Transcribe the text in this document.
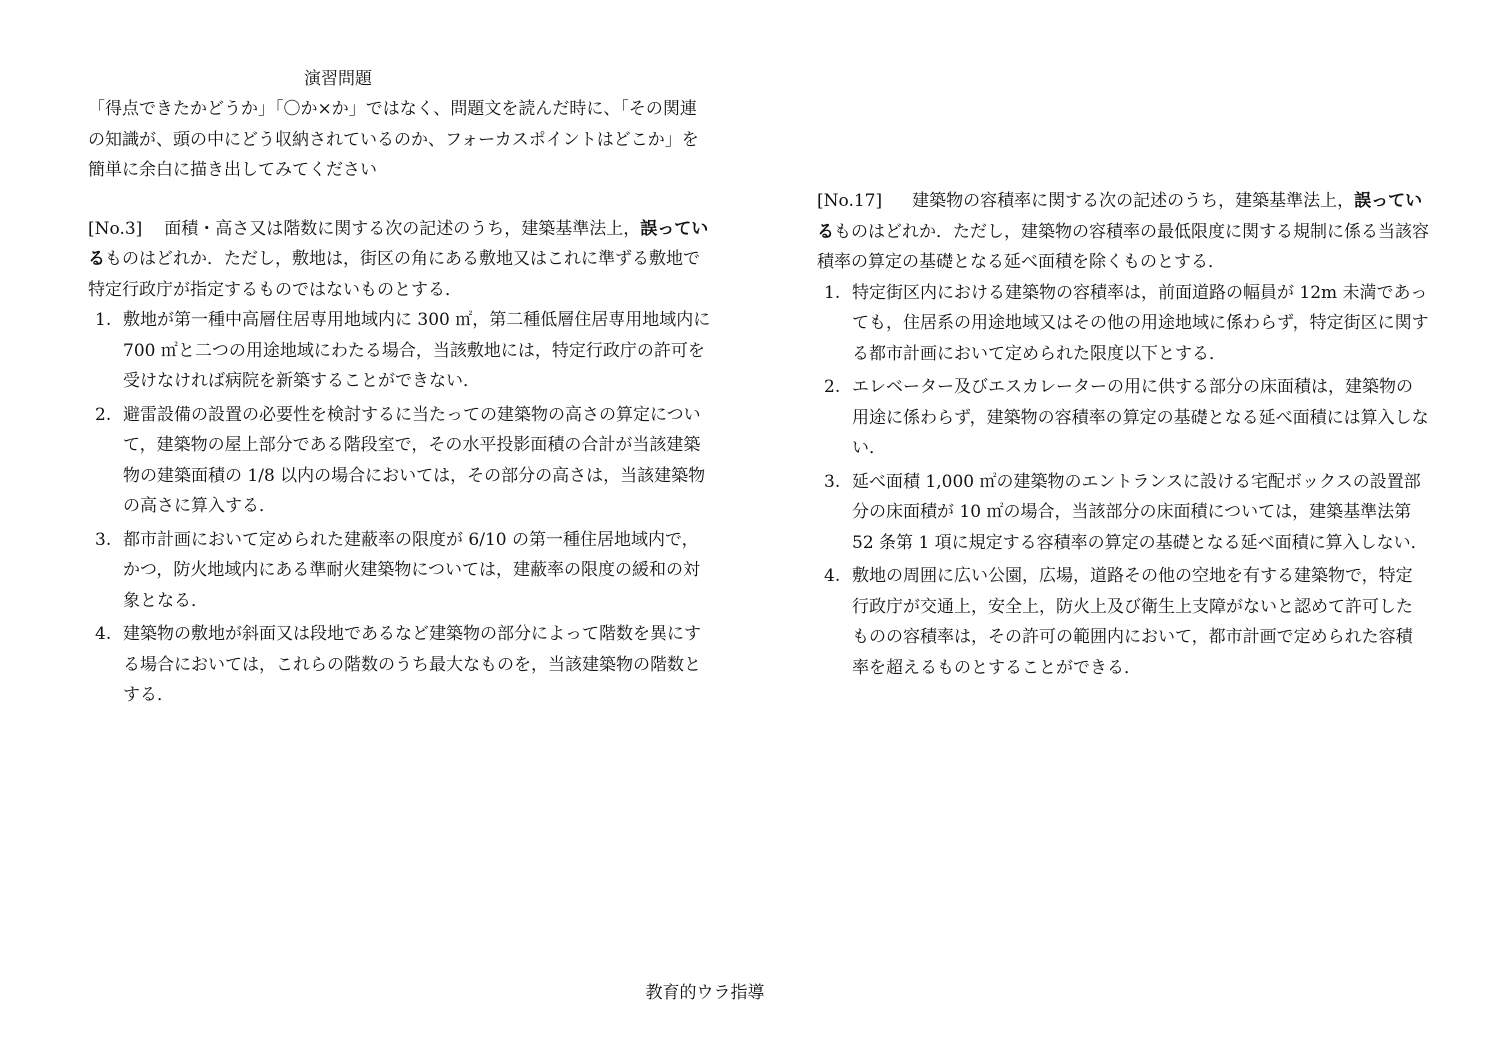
演習問題

「得点できたかどうか」「〇か×か」ではなく、問題文を読んだ時に、「その関連の知識が、頭の中にどう収納されているのか、フォーカスポイントはどこか」を簡単に余白に描き出してみてください

[No.3] 面積・高さ又は階数に関する次の記述のうち，建築基準法上，誤っているものはどれか．ただし，敷地は，街区の角にある敷地又はこれに準ずる敷地で特定行政庁が指定するものではないものとする．

1. 敷地が第一種中高層住居専用地域内に 300 ㎡，第二種低層住居専用地域内に 700 ㎡と二つの用途地域にわたる場合，当該敷地には，特定行政庁の許可を受けなければ病院を新築することができない．
2. 避雷設備の設置の必要性を検討するに当たっての建築物の高さの算定について，建築物の屋上部分である階段室で，その水平投影面積の合計が当該建築物の建築面積の 1/8 以内の場合においては，その部分の高さは，当該建築物の高さに算入する．
3. 都市計画において定められた建蔽率の限度が 6/10 の第一種住居地域内で，かつ，防火地域内にある準耐火建築物については，建蔽率の限度の緩和の対象となる．
4. 建築物の敷地が斜面又は段地であるなど建築物の部分によって階数を異にする場合においては，これらの階数のうち最大なものを，当該建築物の階数とする．

[No.17] 建築物の容積率に関する次の記述のうち，建築基準法上，誤っているものはどれか．ただし，建築物の容積率の最低限度に関する規制に係る当該容積率の算定の基礎となる延べ面積を除くものとする．

1. 特定街区内における建築物の容積率は，前面道路の幅員が 12m 未満であっても，住居系の用途地域又はその他の用途地域に係わらず，特定街区に関する都市計画において定められた限度以下とする．
2. エレベーター及びエスカレーターの用に供する部分の床面積は，建築物の用途に係わらず，建築物の容積率の算定の基礎となる延べ面積には算入しない．
3. 延べ面積 1,000 ㎡の建築物のエントランスに設ける宅配ボックスの設置部分の床面積が 10 ㎡の場合，当該部分の床面積については，建築基準法第 52 条第 1 項に規定する容積率の算定の基礎となる延べ面積に算入しない．
4. 敷地の周囲に広い公園，広場，道路その他の空地を有する建築物で，特定行政庁が交通上，安全上，防火上及び衛生上支障がないと認めて許可したものの容積率は，その許可の範囲内において，都市計画で定められた容積率を超えるものとすることができる．
教育的ウラ指導
